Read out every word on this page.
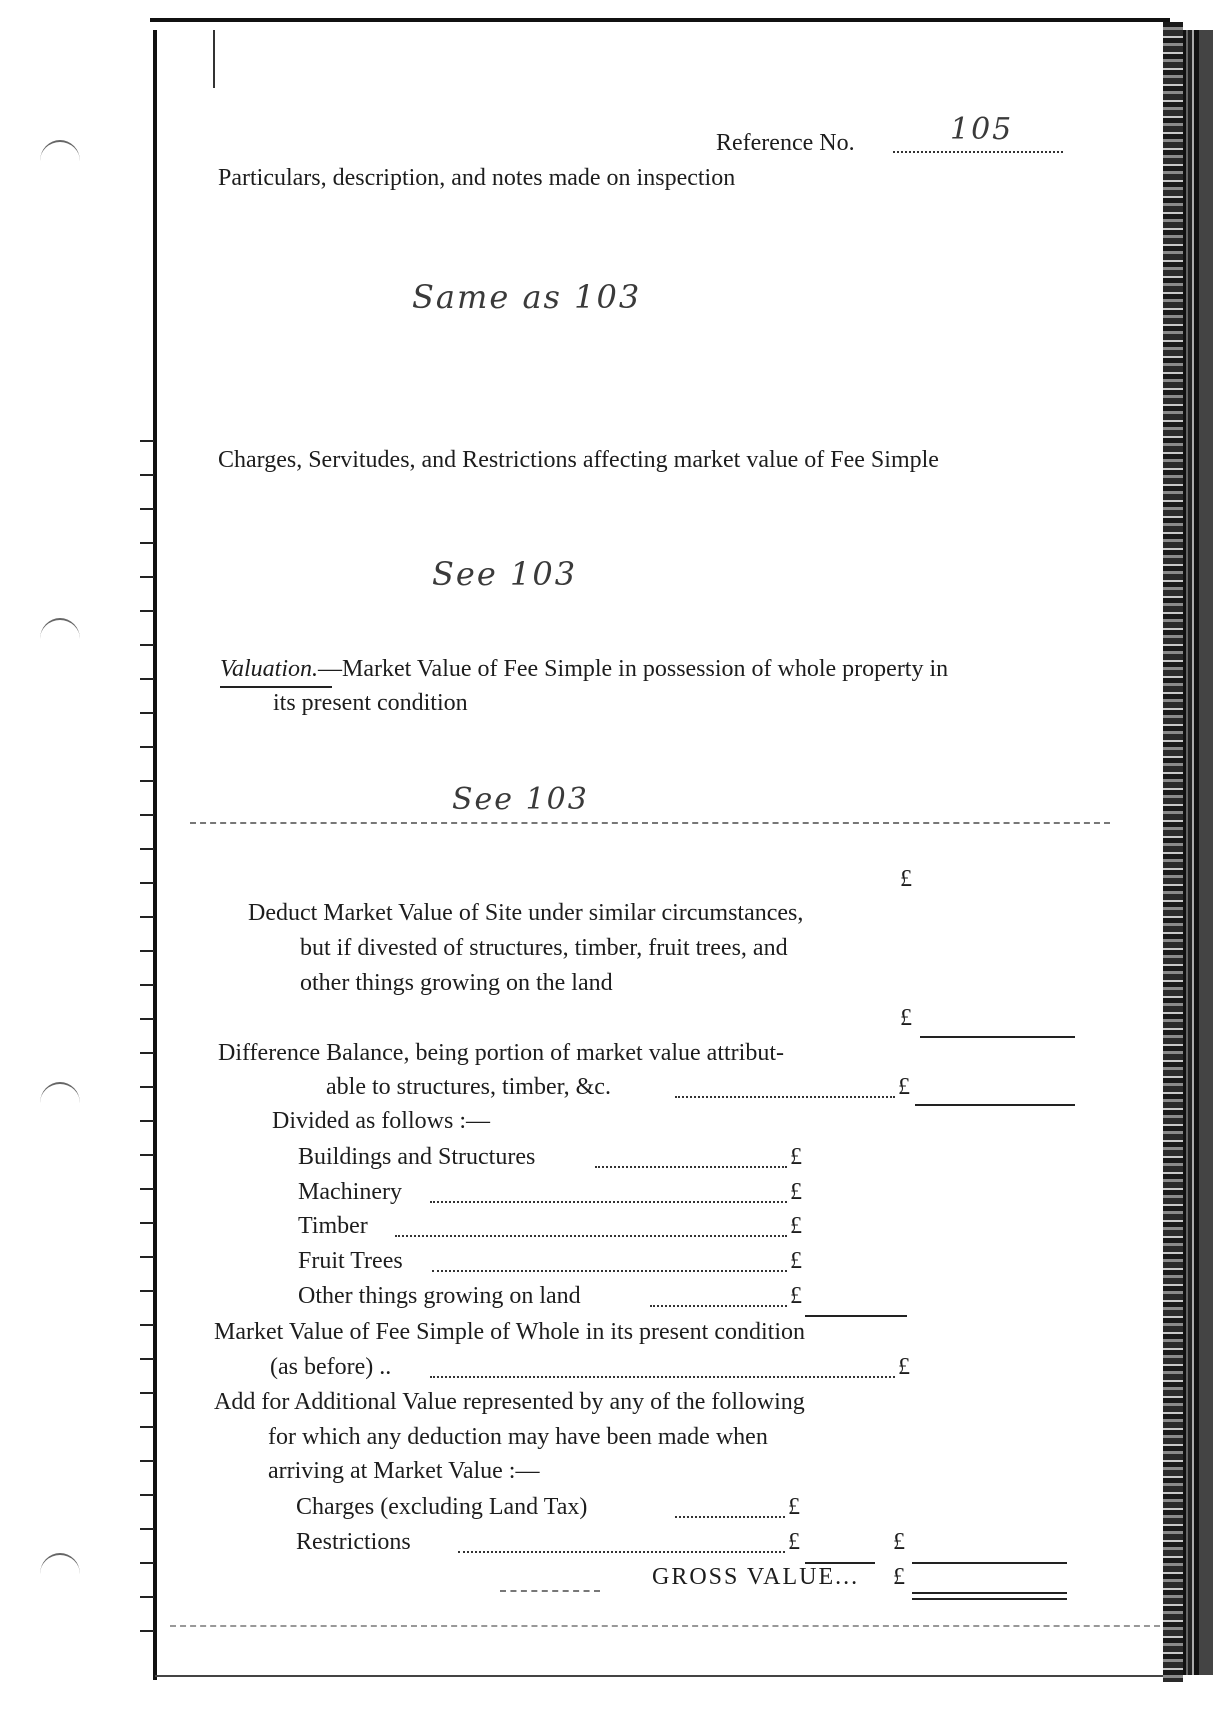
Reference No.	105
Particulars, description, and notes made on inspection
Same as 103
Charges, Servitudes, and Restrictions affecting market value of Fee Simple
See 103
Valuation.—Market Value of Fee Simple in possession of whole property in
its present condition
See 103
£
Deduct Market Value of Site under similar circumstances,
but if divested of structures, timber, fruit trees, and
other things growing on the land
£
Difference Balance, being portion of market value attribut-
able to structures, timber, &c.	£
Divided as follows :—
Buildings and Structures	£
Machinery	£
Timber	£
Fruit Trees	£
Other things growing on land	£
Market Value of Fee Simple of Whole in its present condition
(as before) ..	£
Add for Additional Value represented by any of the following
for which any deduction may have been made when
arriving at Market Value :—
Charges (excluding Land Tax)	£
Restrictions	£	£
GROSS VALUE... £
